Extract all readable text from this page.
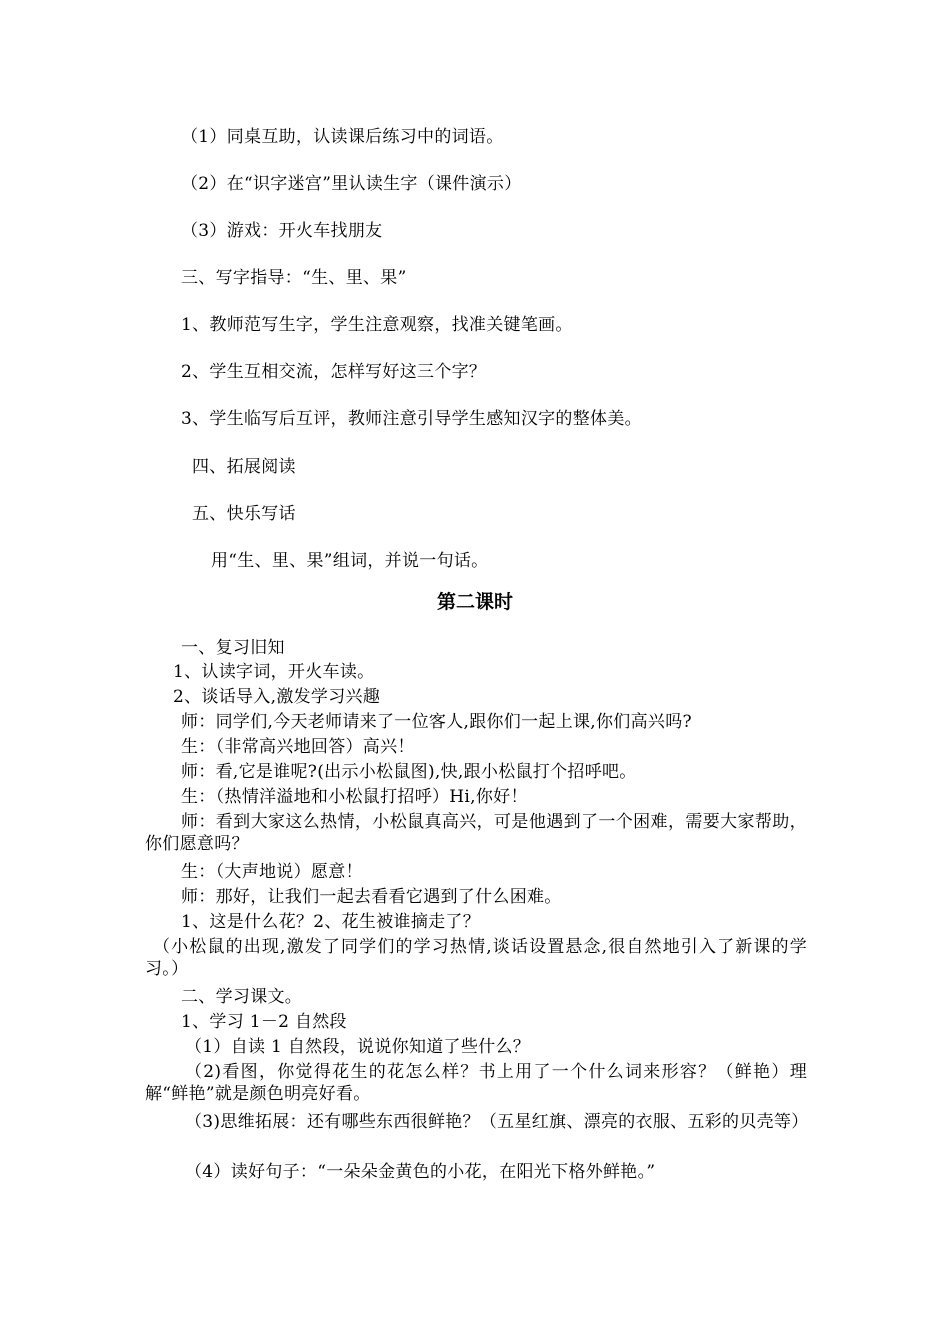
（1）同桌互助，认读课后练习中的词语。
（2）在“识字迷宫”里认读生字（课件演示）
（3）游戏：开火车找朋友
三、写字指导：“生、里、果”
1、教师范写生字，学生注意观察，找准关键笔画。
2、学生互相交流，怎样写好这三个字？
3、学生临写后互评，教师注意引导学生感知汉字的整体美。
四、拓展阅读
五、快乐写话
用“生、里、果”组词，并说一句话。
第二课时
一、复习旧知
1、认读字词，开火车读。
2、谈话导入,激发学习兴趣
师：同学们,今天老师请来了一位客人,跟你们一起上课,你们高兴吗?
生：（非常高兴地回答）高兴！
师：看,它是谁呢?(出示小松鼠图),快,跟小松鼠打个招呼吧。
生：（热情洋溢地和小松鼠打招呼）Hi,你好！
师：看到大家这么热情，小松鼠真高兴，可是他遇到了一个困难，需要大家帮助，你们愿意吗？
生：（大声地说）愿意！
师：那好，让我们一起去看看它遇到了什么困难。
1、这是什么花？2、花生被谁摘走了？
（小松鼠的出现,激发了同学们的学习热情,谈话设置悬念,很自然地引入了新课的学习。）
二、学习课文。
1、学习 1－2 自然段
（1）自读 1 自然段，说说你知道了些什么？
（2)看图，你觉得花生的花怎么样？书上用了一个什么词来形容？（鲜艳）理解“鲜艳”就是颜色明亮好看。
（3)思维拓展：还有哪些东西很鲜艳？（五星红旗、漂亮的衣服、五彩的贝壳等）
（4）读好句子：“一朵朵金黄色的小花，在阳光下格外鲜艳。”
